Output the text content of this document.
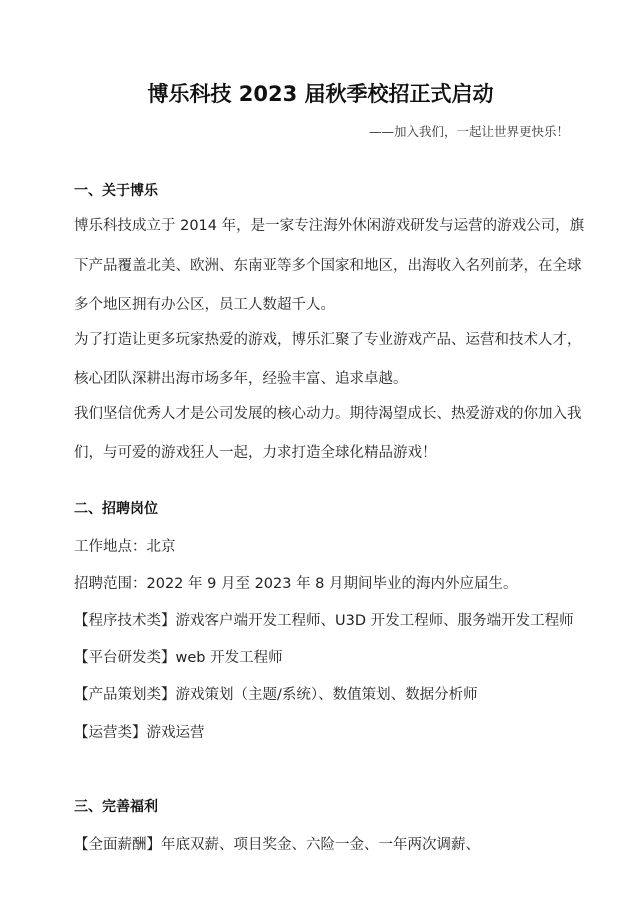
博乐科技 2023 届秋季校招正式启动
——加入我们，一起让世界更快乐！
一、关于博乐
博乐科技成立于 2014 年，是一家专注海外休闲游戏研发与运营的游戏公司，旗
下产品覆盖北美、欧洲、东南亚等多个国家和地区，出海收入名列前茅，在全球
多个地区拥有办公区，员工人数超千人。
为了打造让更多玩家热爱的游戏，博乐汇聚了专业游戏产品、运营和技术人才，
核心团队深耕出海市场多年，经验丰富、追求卓越。
我们坚信优秀人才是公司发展的核心动力。期待渴望成长、热爱游戏的你加入我
们，与可爱的游戏狂人一起，力求打造全球化精品游戏！
二、招聘岗位
工作地点：北京
招聘范围：2022 年 9 月至 2023 年 8 月期间毕业的海内外应届生。
【程序技术类】游戏客户端开发工程师、U3D 开发工程师、服务端开发工程师
【平台研发类】web 开发工程师
【产品策划类】游戏策划（主题/系统）、数值策划、数据分析师
【运营类】游戏运营
三、完善福利
【全面薪酬】年底双薪、项目奖金、六险一金、一年两次调薪、
